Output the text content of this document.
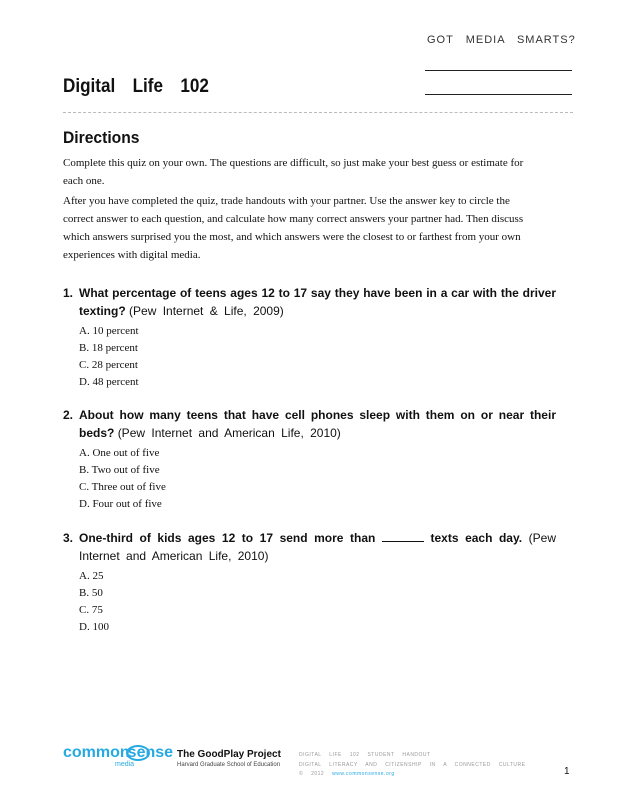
GOT MEDIA SMARTS?
Digital Life 102
Directions
Complete this quiz on your own. The questions are difficult, so just make your best guess or estimate for each one.
After you have completed the quiz, trade handouts with your partner. Use the answer key to circle the correct answer to each question, and calculate how many correct answers your partner had. Then discuss which answers surprised you the most, and which answers were the closest to or farthest from your own experiences with digital media.
1. What percentage of teens ages 12 to 17 say they have been in a car with the driver texting? (Pew Internet & Life, 2009)
A. 10 percent
B. 18 percent
C. 28 percent
D. 48 percent
2. About how many teens that have cell phones sleep with them on or near their beds? (Pew Internet and American Life, 2010)
A. One out of five
B. Two out of five
C. Three out of five
D. Four out of five
3. One-third of kids ages 12 to 17 send more than	texts each day. (Pew Internet and American Life, 2010)
A. 25
B. 50
C. 75
D. 100
commonsense
media
The GoodPlay Project
Harvard Graduate School of Education
DIGITAL LIFE 102 STUDENT HANDOUT
DIGITAL LITERACY AND CITIZENSHIP IN A CONNECTED CULTURE
© 2012 www.commonsense.org	1
